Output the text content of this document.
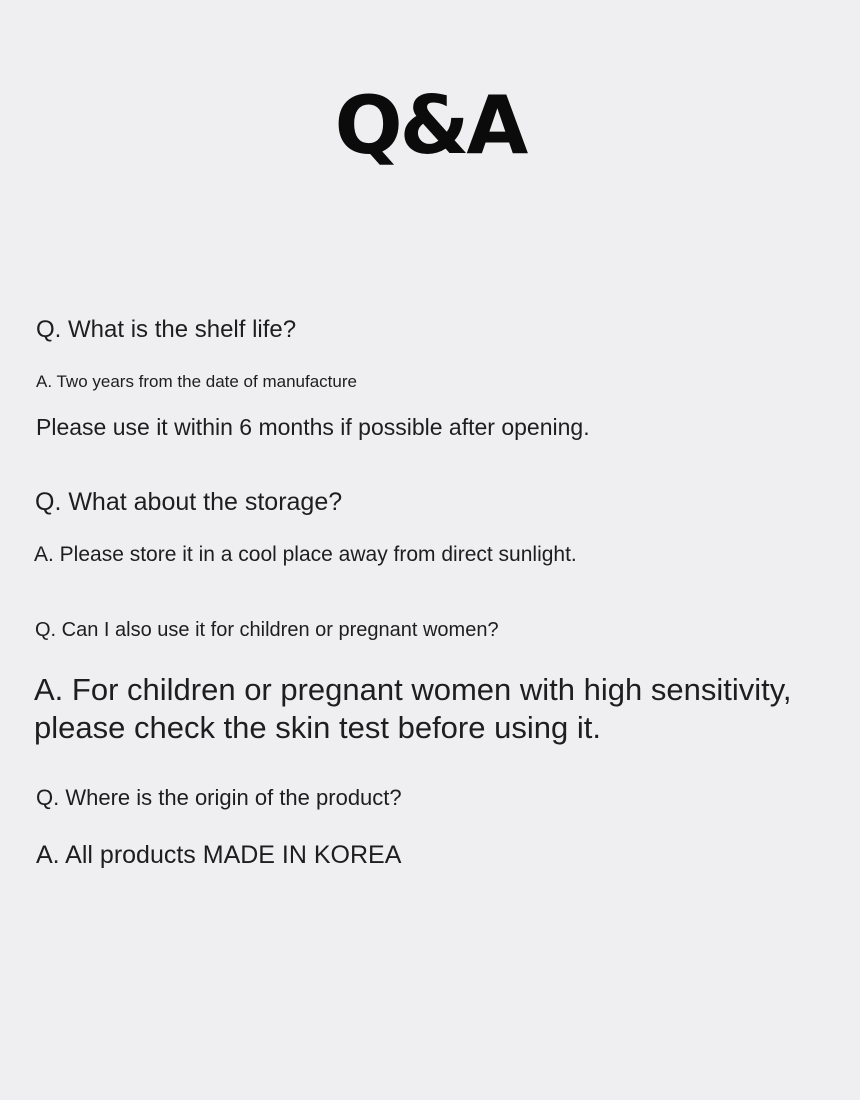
Q&A
Q. What is the shelf life?
A. Two years from the date of manufacture
Please use it within 6 months if possible after opening.
Q. What about the storage?
A. Please store it in a cool place away from direct sunlight.
Q. Can I also use it for children or pregnant women?
A. For children or pregnant women with high sensitivity, please check the skin test before using it.
Q. Where is the origin of the product?
A. All products MADE IN KOREA
